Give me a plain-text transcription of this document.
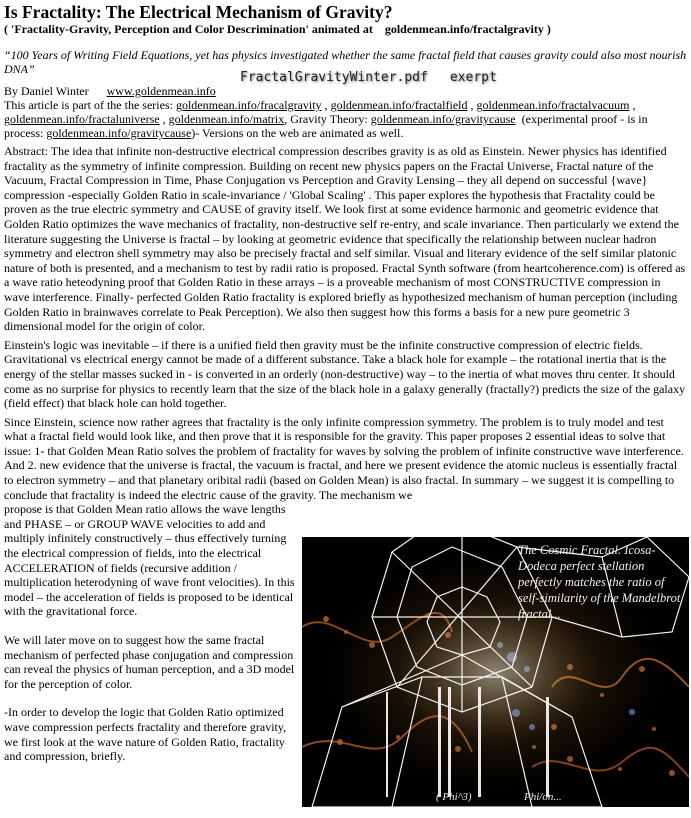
Is Fractality: The Electrical Mechanism of Gravity?
( 'Fractality-Gravity, Perception and Color Descrimination' animated at goldenmean.info/fractalgravity )
“100 Years of Writing Field Equations, yet has physics investigated whether the same fractal field that causes gravity could also most nourish DNA”
By Daniel Winter www.goldenmean.info
This article is part of the the series: goldenmean.info/fracalgravity , goldenmean.info/fractalfield , goldenmean.info/fractalvacuum , goldenmean.info/fractaluniverse , goldenmean.info/matrix, Gravity Theory: goldenmean.info/gravitycause (experimental proof - is in process: goldenmean.info/gravitycause)- Versions on the web are animated as well.

Abstract: The idea that infinite non-destructive electrical compression describes gravity is as old as Einstein. Newer physics has identified fractality as the symmetry of infinite compression. Building on recent new physics papers on the Fractal Universe, Fractal nature of the Vacuum, Fractal Compression in Time, Phase Conjugation vs Perception and Gravity Lensing – they all depend on successful {wave} compression -especially Golden Ratio in scale-invariance / 'Global Scaling' . This paper explores the hypothesis that Fractality could be proven as the true electric symmetry and CAUSE of gravity itself. We look first at some evidence harmonic and geometric evidence that Golden Ratio optimizes the wave mechanics of fractality, non-destructive self re-entry, and scale invariance. Then particularly we extend the literature suggesting the Universe is fractal – by looking at geometric evidence that specifically the relationship between nuclear hadron symmetry and electron shell symmetry may also be precisely fractal and self similar. Visual and literary evidence of the self similar platonic nature of both is presented, and a mechanism to test by radii ratio is proposed. Fractal Synth software (from heartcoherence.com) is offered as a wave ratio heteodyning proof that Golden Ratio in these arrays – is a proveable mechanism of most CONSTRUCTIVE compression in wave interference. Finally- perfected Golden Ratio fractality is explored briefly as hypothesized mechanism of human perception (including Golden Ratio in brainwaves correlate to Peak Perception). We also then suggest how this forms a basis for a new pure geometric 3 dimensional model for the origin of color.

Einstein's logic was inevitable – if there is a unified field then gravity must be the infinite constructive compression of electric fields. Gravitational vs electrical energy cannot be made of a different substance. Take a black hole for example – the rotational inertia that is the energy of the stellar masses sucked in - is converted in an orderly (non-destructive) way – to the inertia of what moves thru center. It should come as no surprise for physics to recently learn that the size of the black hole in a galaxy generally (fractally?) predicts the size of the galaxy (field effect) that black hole can hold together.

Since Einstein, science now rather agrees that fractality is the only infinite compression symmetry. The problem is to truly model and test what a fractal field would look like, and then prove that it is responsible for the gravity. This paper proposes 2 essential ideas to solve that issue: 1- that Golden Mean Ratio solves the problem of fractality for waves by solving the problem of infinite constructive wave interference. And 2. new evidence that the universe is fractal, the vacuum is fractal, and here we present evidence the atomic nucleus is essentially fractal to electron symmetry – and that planetary oribital radii (based on Golden Mean) is also fractal. In summary – we suggest it is compelling to conclude that fractality is indeed the electric cause of the gravity. The mechanism we

propose is that Golden Mean ratio allows the wave lengths and PHASE – or GROUP WAVE velocities to add and multiply infinitely constructively – thus effectively turning the electrical compression of fields, into the electrical ACCELERATION of fields (recursive addition / multiplication heterodyning of wave front velocities). In this model – the acceleration of fields is proposed to be identical with the gravitational force.

We will later move on to suggest how the same fractal mechanism of perfected phase conjugation and compression can reveal the physics of human perception, and a 3D model for the perception of color.

-In order to develop the logic that Golden Ratio optimized wave compression perfects fractality and therefore gravity, we first look at the wave nature of Golden Ratio, fractality and compression, briefly.

FractalGravityWinter.pdf exerpt
The Cosmic Fractal. Icosa-Dodeca perfect stellation perfectly matches the ratio of self-similarity of the Mandelbrot fractal...
( Phi^3)	Phi/on...
